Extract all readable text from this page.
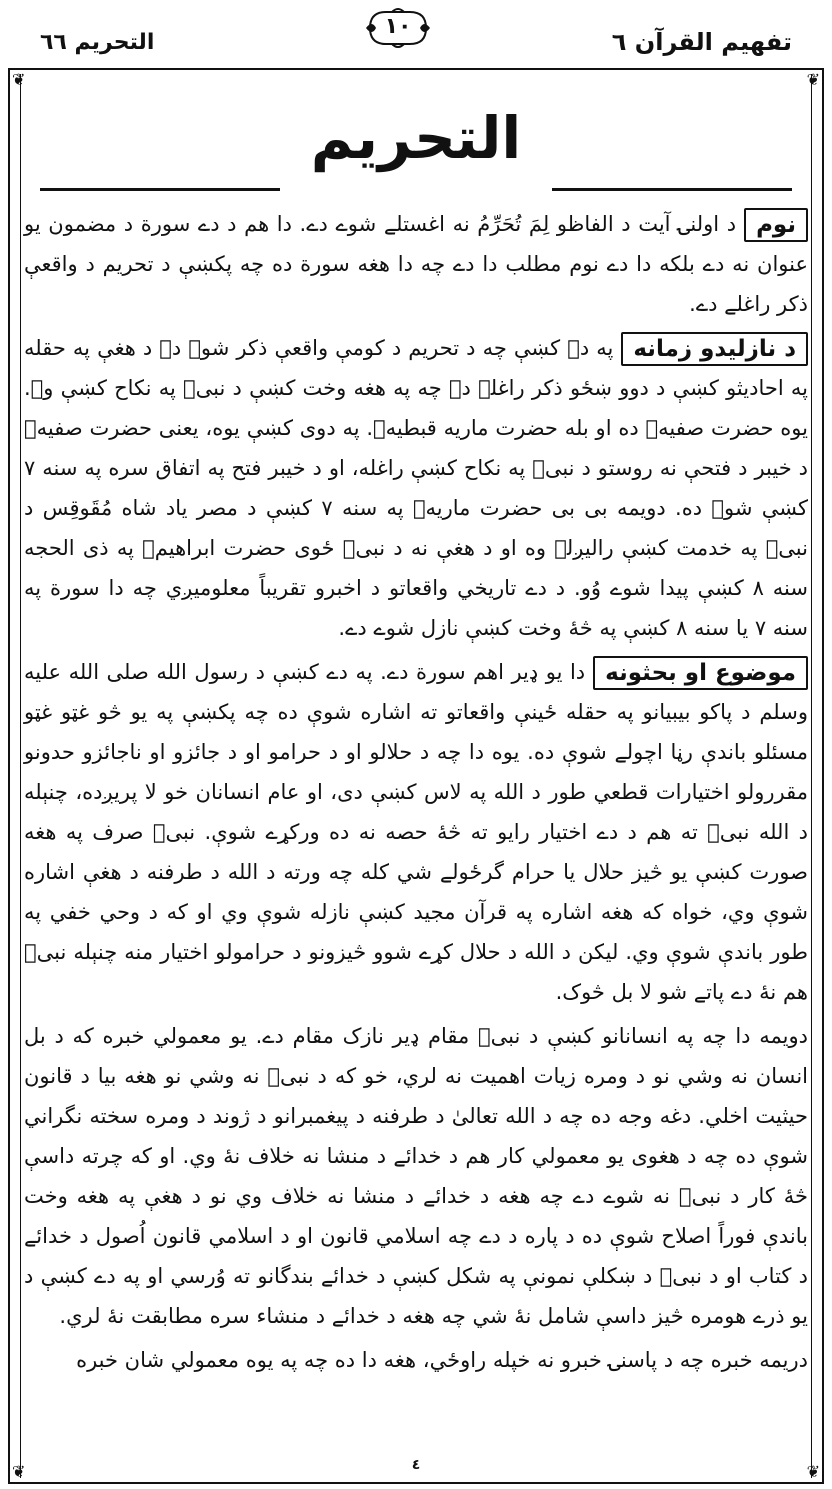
تفهیم القرآن ٦
١٠
التحریم ٦٦
❦	❦
❦	❦
التحریم

نومد اولنۍ آیت د الفاظو لِمَ تُحَرِّمُ نه اغستلے شوے دے. دا هم د دے سورة د مضمون یو عنوان نه دے بلکه دا دے نوم مطلب دا دے چه دا هغه سورة ده چه پکښې د تحریم د واقعې ذکر راغلے دے.

د نازلیدو زمانهپه دے کښې چه د تحریم د کومې واقعې ذکر شوے دے د هغې په حقله په احادیثو کښې د دوو ښځو ذکر راغلے دے چه په هغه وخت کښې د نبیؐ په نکاح کښې وے. یوه حضرت صفیهؓ ده او بله حضرت ماریه قبطیهؓ. په دوی کښې یوه، یعنی حضرت صفیهؓ د خیبر د فتحې نه روستو د نبیؐ په نکاح کښې راغله، او د خیبر فتح په اتفاق سره په سنه ٧ کښې شوے ده. دویمه بی بی حضرت ماریهؓ په سنه ٧ کښې د مصر یاد شاه مُقَوقِس د نبیؐ په خدمت کښې رالیږلے وه او د هغې نه د نبیؐ ځوی حضرت ابراهیمؓ په ذی الحجه سنه ٨ کښې پیدا شوے وُو. د دے تاریخي واقعاتو د اخبرو تقریباً معلومیږي چه دا سورة په سنه ٧ یا سنه ٨ کښې په څهٔ وخت کښې نازل شوے دے.

موضوع او بحثونهدا یو ډیر اهم سورة دے. په دے کښې د رسول الله صلی الله علیه وسلم د پاکو بیبیانو په حقله ځینې واقعاتو ته اشاره شوې ده چه پکښې په یو څو غټو غټو مسئلو باندې رڼا اچولے شوې ده. یوه دا چه د حلالو او د حرامو او د جائزو او ناجائزو حدونو مقررولو اختیارات قطعي طور د الله په لاس کښې دی، او عام انسانان خو لا پریږده، چنېله د الله نبیؐ ته هم د دے اختیار رایو ته څهٔ حصه نه ده ورکړے شوې. نبیؐ صرف په هغه صورت کښې یو څیز حلال یا حرام گرځولے شي کله چه ورته د الله د طرفنه د هغې اشاره شوې وي، خواه که هغه اشاره په قرآن مجید کښې نازله شوې وي او که د وحي خفي په طور باندې شوې وي. لیکن د الله د حلال کړے شوو څیزونو د حرامولو اختیار منه چنېله نبیؐ هم نهٔ دے پاتے شو لا بل څوک.

دویمه دا چه په انسانانو کښې د نبیؐ مقام ډیر نازک مقام دے. یو معمولي خبره که د بل انسان نه وشي نو د ومره زیات اهمیت نه لري، خو که د نبیؐ نه وشي نو هغه بیا د قانون حیثیت اخلي. دغه وجه ده چه د الله تعالیٰ د طرفنه د پیغمبرانو د ژوند د ومره سخته نگراني شوې ده چه د هغوی یو معمولي کار هم د خدائے د منشا نه خلاف نهٔ وي. او که چرته داسې څهٔ کار د نبیؐ نه شوے دے چه هغه د خدائے د منشا نه خلاف وي نو د هغې په هغه وخت باندې فوراً اصلاح شوې ده د پاره د دے چه اسلامي قانون او د اسلامي قانون اُصول د خدائے د کتاب او د نبیؐ د ښکلې نمونې په شکل کښې د خدائے بندگانو ته وُرسي او په دے کښې د یو ذرے هومره څیز داسې شامل نهٔ شي چه هغه د خدائے د منشاء سره مطابقت نهٔ لري.

دریمه خبره چه د پاسنۍ خبرو نه خپله راوځي، هغه دا ده چه په یوه معمولي شان خبره

٤
